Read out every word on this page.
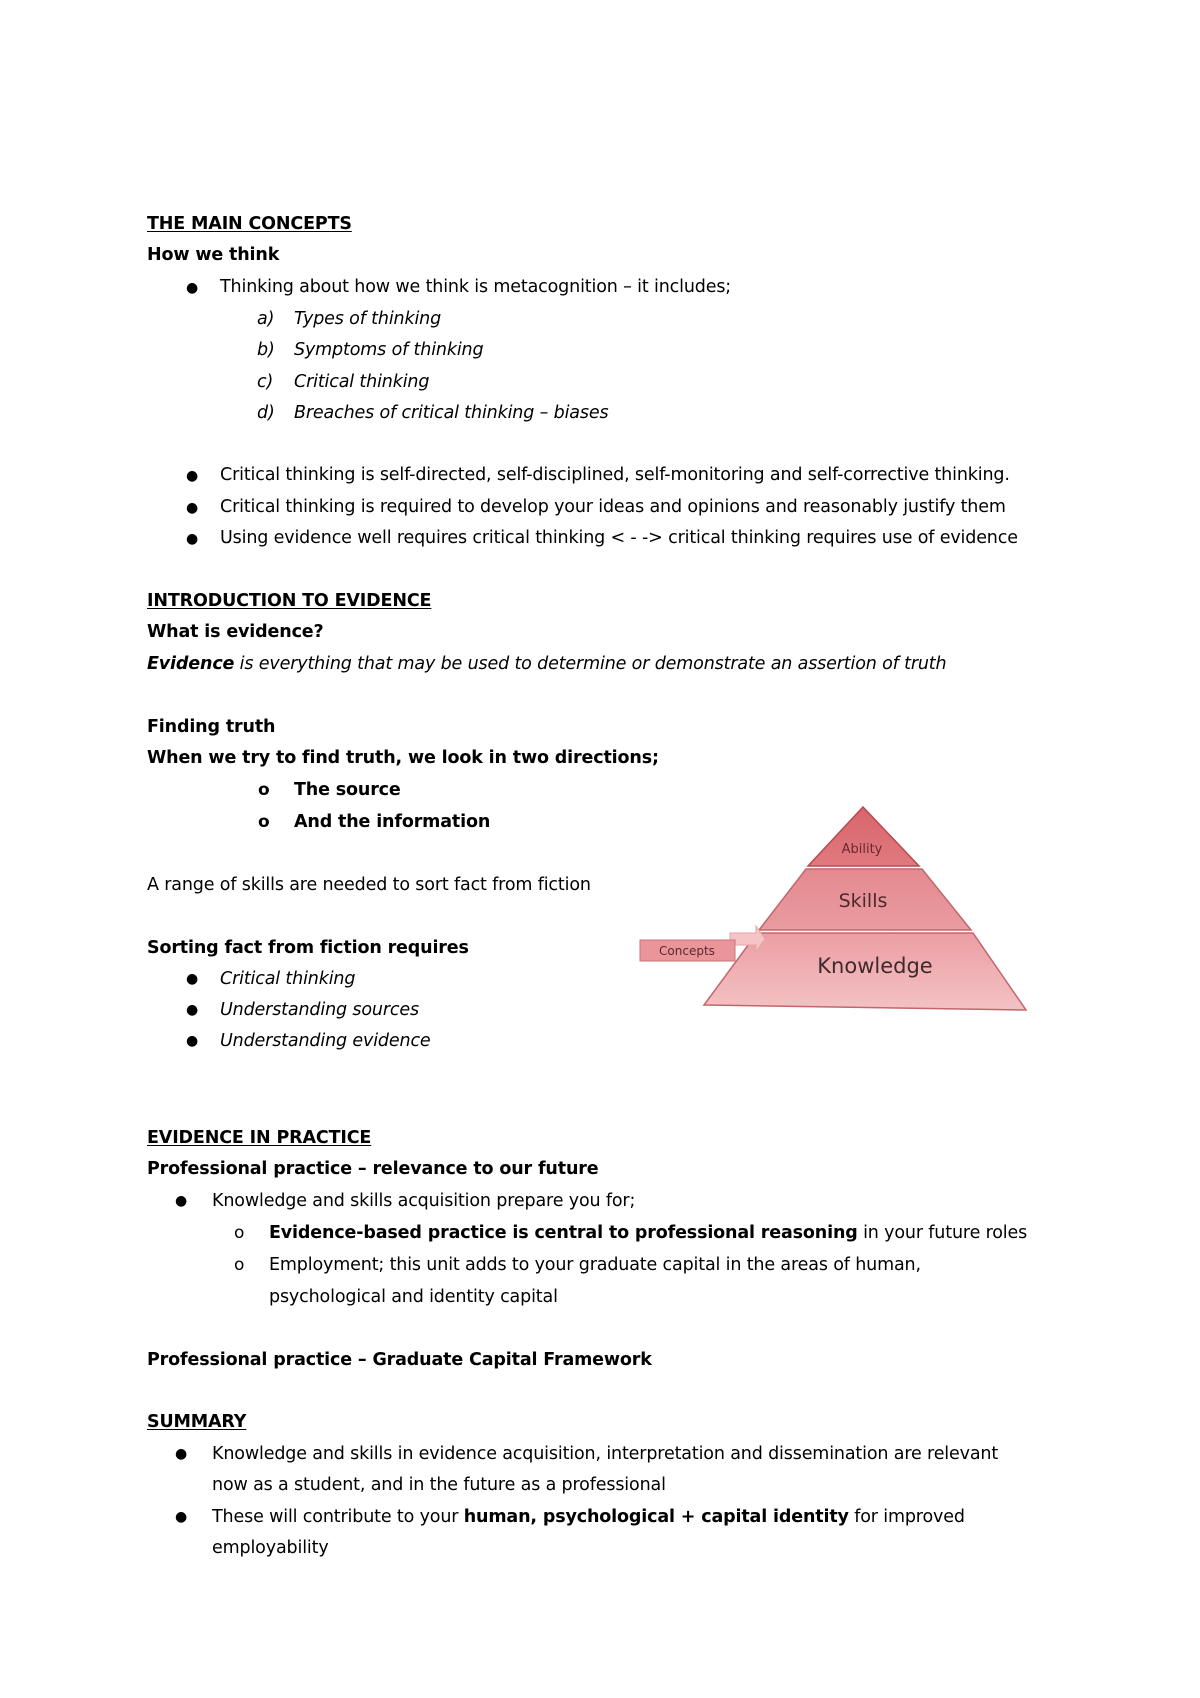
THE MAIN CONCEPTS
How we think
● Thinking about how we think is metacognition – it includes;
a) Types of thinking
b) Symptoms of thinking
c) Critical thinking
d) Breaches of critical thinking – biases
● Critical thinking is self-directed, self-disciplined, self-monitoring and self-corrective thinking.
● Critical thinking is required to develop your ideas and opinions and reasonably justify them
● Using evidence well requires critical thinking < - -> critical thinking requires use of evidence
INTRODUCTION TO EVIDENCE
What is evidence?
Evidence is everything that may be used to determine or demonstrate an assertion of truth
Finding truth
When we try to find truth, we look in two directions;
o The source
o And the information
A range of skills are needed to sort fact from fiction
Sorting fact from fiction requires
● Critical thinking
● Understanding sources
● Understanding evidence
Concepts
Ability
Skills
Knowledge
EVIDENCE IN PRACTICE
Professional practice – relevance to our future
● Knowledge and skills acquisition prepare you for;
o Evidence-based practice is central to professional reasoning in your future roles
o Employment; this unit adds to your graduate capital in the areas of human,
psychological and identity capital
Professional practice – Graduate Capital Framework
SUMMARY
● Knowledge and skills in evidence acquisition, interpretation and dissemination are relevant
now as a student, and in the future as a professional
● These will contribute to your human, psychological + capital identity for improved
employability
